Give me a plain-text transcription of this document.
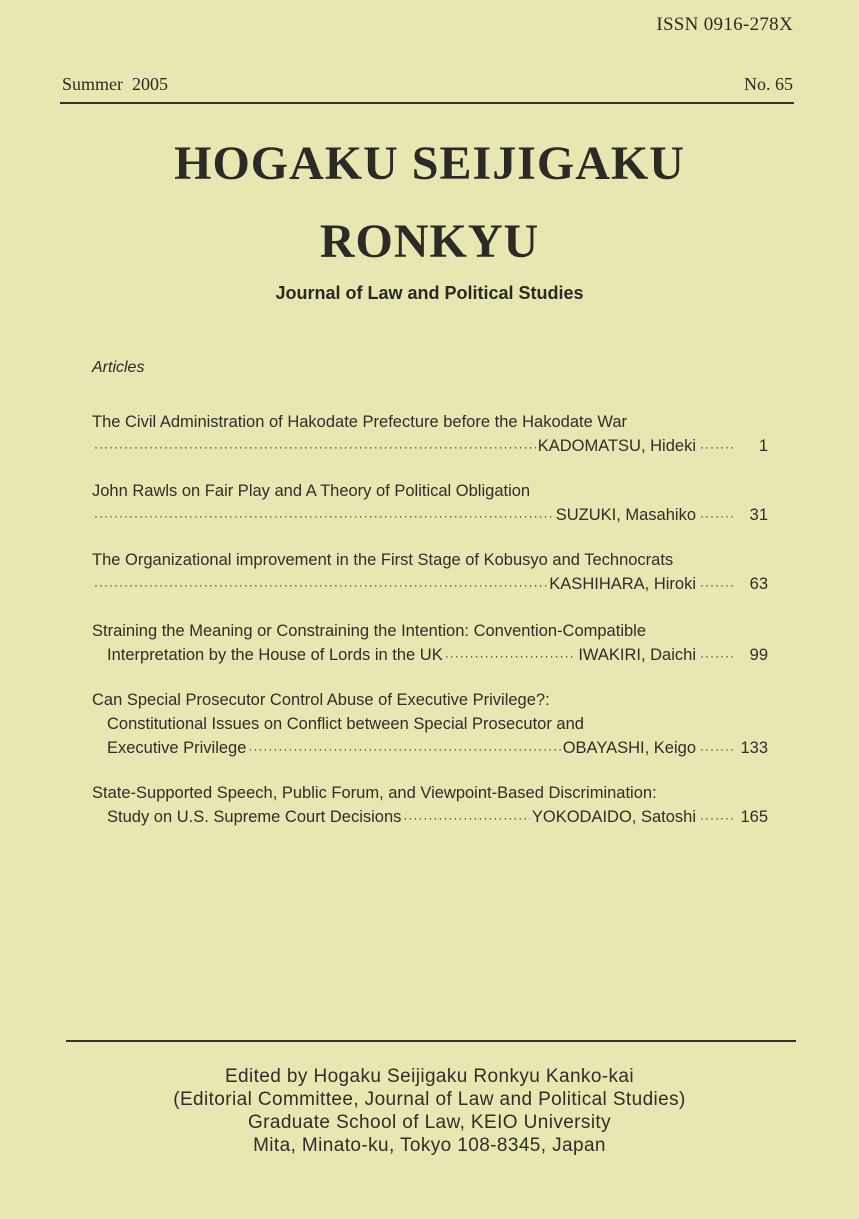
ISSN 0916-278X
Summer  2005	No. 65
HOGAKU SEIJIGAKU
RONKYU
Journal of Law and Political Studies
Articles
The Civil Administration of Hakodate Prefecture before the Hakodate War
·····
KADOMATSU, Hideki ·····	1
John Rawls on Fair Play and A Theory of Political Obligation
·····
SUZUKI, Masahiko ·····	31
The Organizational improvement in the First Stage of Kobusyo and Technocrats
·····
KASHIHARA, Hiroki ·····	63
Straining the Meaning or Constraining the Intention: Convention-Compatible
Interpretation by the House of Lords in the UK ·····	IWAKIRI, Daichi ·····	99
Can Special Prosecutor Control Abuse of Executive Privilege?:
Constitutional Issues on Conflict between Special Prosecutor and
Executive Privilege ·····	OBAYASHI, Keigo ·····	133
State-Supported Speech, Public Forum, and Viewpoint-Based Discrimination:
Study on U.S. Supreme Court Decisions ·····	YOKODAIDO, Satoshi ·····	165
Edited by Hogaku Seijigaku Ronkyu Kanko-kai
(Editorial Committee, Journal of Law and Political Studies)
Graduate School of Law, KEIO University
Mita, Minato-ku, Tokyo 108-8345, Japan
